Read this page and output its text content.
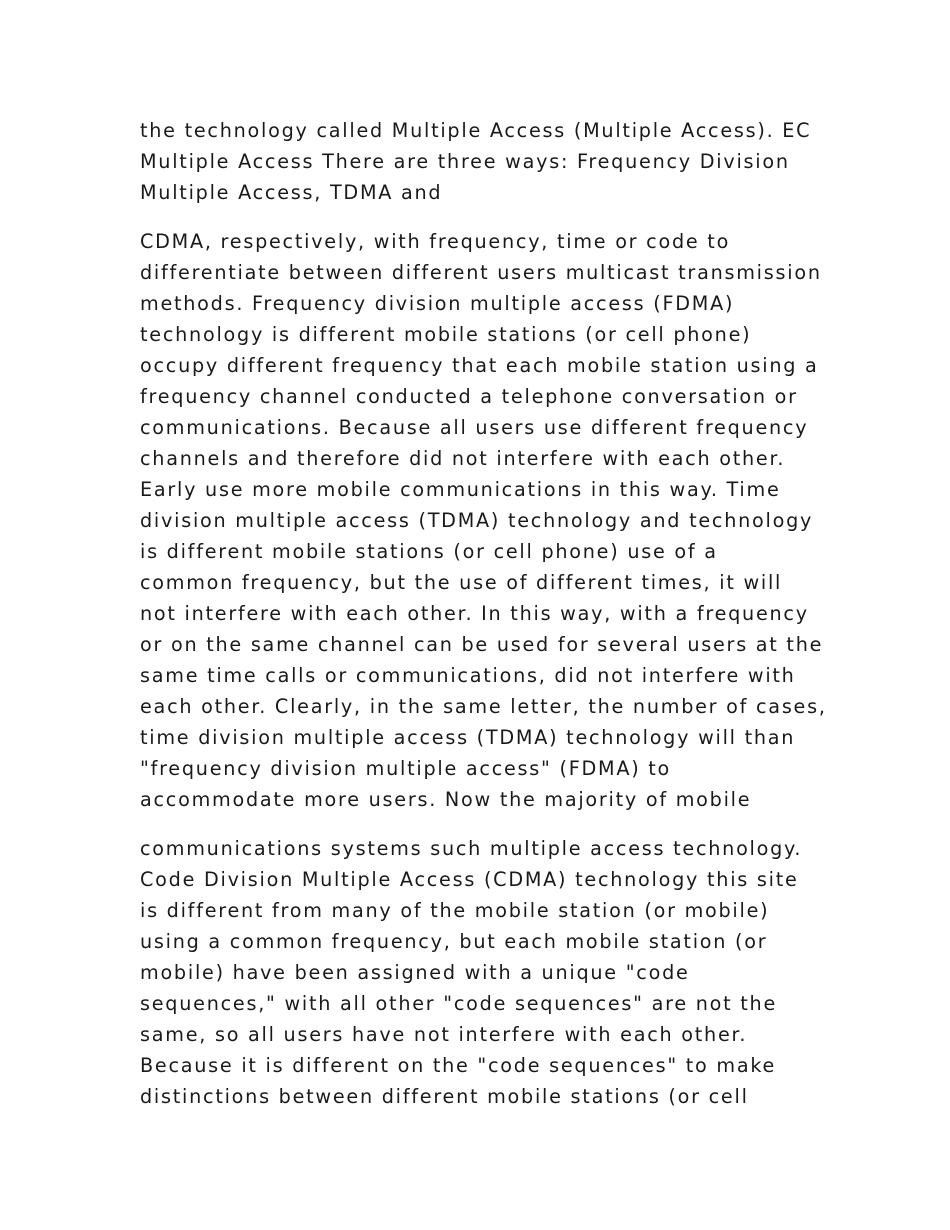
the technology called Multiple Access (Multiple Access). EC
Multiple Access There are three ways: Frequency Division
Multiple Access, TDMA and

CDMA, respectively, with frequency, time or code to
differentiate between different users multicast transmission
methods. Frequency division multiple access (FDMA)
technology is different mobile stations (or cell phone)
occupy different frequency that each mobile station using a
frequency channel conducted a telephone conversation or
communications. Because all users use different frequency
channels and therefore did not interfere with each other.
Early use more mobile communications in this way. Time
division multiple access (TDMA) technology and technology
is different mobile stations (or cell phone) use of a
common frequency, but the use of different times, it will
not interfere with each other. In this way, with a frequency
or on the same channel can be used for several users at the
same time calls or communications, did not interfere with
each other. Clearly, in the same letter, the number of cases,
time division multiple access (TDMA) technology will than
"frequency division multiple access" (FDMA) to
accommodate more users. Now the majority of mobile

communications systems such multiple access technology.
Code Division Multiple Access (CDMA) technology this site
is different from many of the mobile station (or mobile)
using a common frequency, but each mobile station (or
mobile) have been assigned with a unique "code
sequences," with all other "code sequences" are not the
same, so all users have not interfere with each other.
Because it is different on the "code sequences" to make
distinctions between different mobile stations (or cell
